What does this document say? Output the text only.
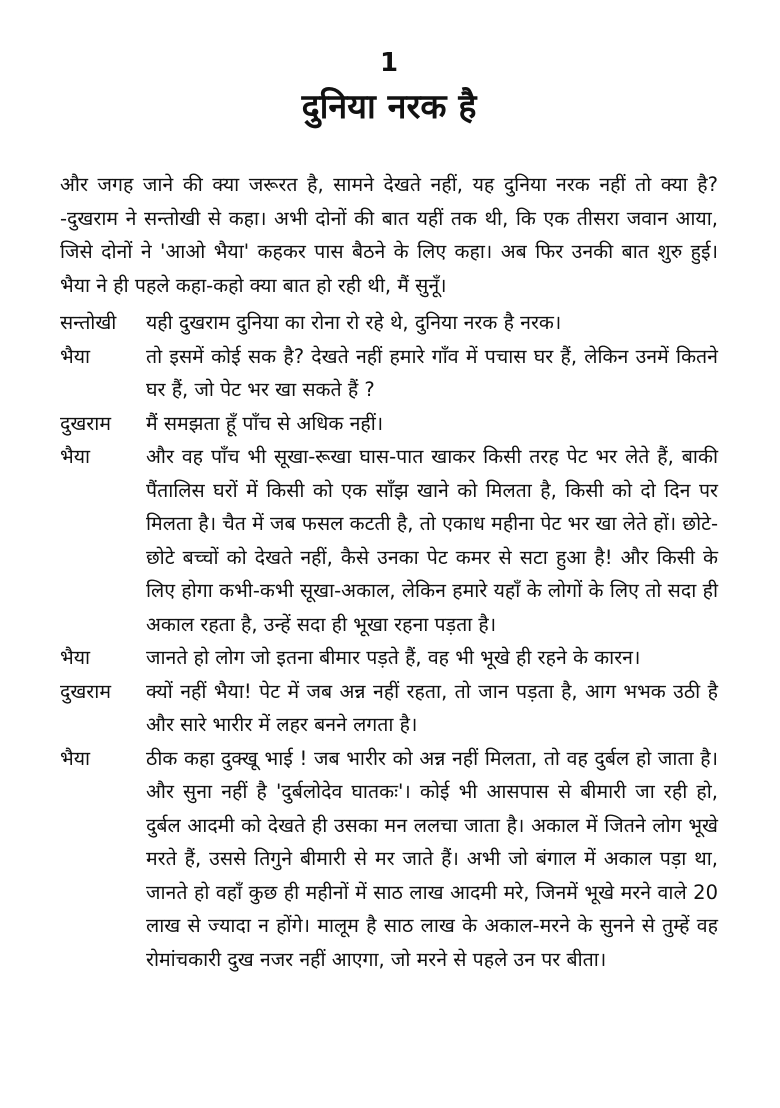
1
दुनिया नरक है

और जगह जाने की क्या जरूरत है, सामने देखते नहीं, यह दुनिया नरक नहीं तो क्या है? -दुखराम ने सन्तोखी से कहा। अभी दोनों की बात यहीं तक थी, कि एक तीसरा जवान आया, जिसे दोनों ने 'आओ भैया' कहकर पास बैठने के लिए कहा। अब फिर उनकी बात शुरु हुई। भैया ने ही पहले कहा-कहो क्या बात हो रही थी, मैं सुनूँ।

सन्तोखी	यही दुखराम दुनिया का रोना रो रहे थे, दुनिया नरक है नरक।
भैया	तो इसमें कोई सक है? देखते नहीं हमारे गाँव में पचास घर हैं, लेकिन उनमें कितने घर हैं, जो पेट भर खा सकते हैं ?
दुखराम	मैं समझता हूँ पाँच से अधिक नहीं।
भैया	और वह पाँच भी सूखा-रूखा घास-पात खाकर किसी तरह पेट भर लेते हैं, बाकी पैंतालिस घरों में किसी को एक साँझ खाने को मिलता है, किसी को दो दिन पर मिलता है। चैत में जब फसल कटती है, तो एकाध महीना पेट भर खा लेते हों। छोटे-छोटे बच्चों को देखते नहीं, कैसे उनका पेट कमर से सटा हुआ है! और किसी के लिए होगा कभी-कभी सूखा-अकाल, लेकिन हमारे यहाँ के लोगों के लिए तो सदा ही अकाल रहता है, उन्हें सदा ही भूखा रहना पड़ता है।
भैया	जानते हो लोग जो इतना बीमार पड़ते हैं, वह भी भूखे ही रहने के कारन।
दुखराम	क्यों नहीं भैया! पेट में जब अन्न नहीं रहता, तो जान पड़ता है, आग भभक उठी है और सारे भारीर में लहर बनने लगता है।
भैया	ठीक कहा दुक्खू भाई ! जब भारीर को अन्न नहीं मिलता, तो वह दुर्बल हो जाता है। और सुना नहीं है 'दुर्बलोदेव घातकः'। कोई भी आसपास से बीमारी जा रही हो, दुर्बल आदमी को देखते ही उसका मन ललचा जाता है। अकाल में जितने लोग भूखे मरते हैं, उससे तिगुने बीमारी से मर जाते हैं। अभी जो बंगाल में अकाल पड़ा था, जानते हो वहाँ कुछ ही महीनों में साठ लाख आदमी मरे, जिनमें भूखे मरने वाले 20 लाख से ज्यादा न होंगे। मालूम है साठ लाख के अकाल-मरने के सुनने से तुम्हें वह रोमांचकारी दुख नजर नहीं आएगा, जो मरने से पहले उन पर बीता।
